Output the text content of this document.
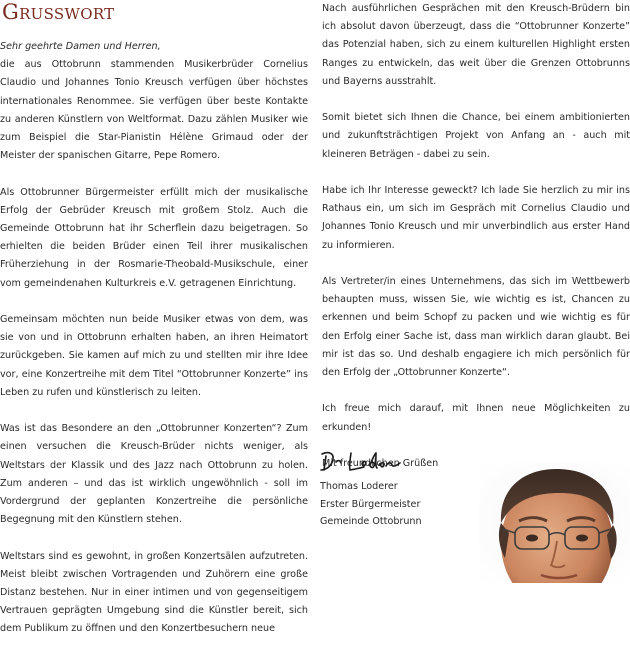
Grusswort

Sehr geehrte Damen und Herren,

die aus Ottobrunn stammenden Musikerbrüder Cornelius Claudio und Johannes Tonio Kreusch verfügen über höchstes internationales Renommee. Sie verfügen über beste Kontakte zu anderen Künstlern von Weltformat. Dazu zählen Musiker wie zum Beispiel die Star-Pianistin Hélène Grimaud oder der Meister der spanischen Gitarre, Pepe Romero.

Als Ottobrunner Bürgermeister erfüllt mich der musikalische Erfolg der Gebrüder Kreusch mit großem Stolz. Auch die Gemeinde Ottobrunn hat ihr Scherflein dazu beigetragen. So erhielten die beiden Brüder einen Teil ihrer musikalischen Früherziehung in der Rosmarie-Theobald-Musikschule, einer vom gemeindenahen Kulturkreis e.V. getragenen Einrichtung.

Gemeinsam möchten nun beide Musiker etwas von dem, was sie von und in Ottobrunn erhalten haben, an ihren Heimatort zurückgeben. Sie kamen auf mich zu und stellten mir ihre Idee vor, eine Konzertreihe mit dem Titel “Ottobrunner Konzerte” ins Leben zu rufen und künstlerisch zu leiten.

Was ist das Besondere an den „Ottobrunner Konzerten“? Zum einen versuchen die Kreusch-Brüder nichts weniger, als Weltstars der Klassik und des Jazz nach Ottobrunn zu holen. Zum anderen – und das ist wirklich ungewöhnlich - soll im Vordergrund der geplanten Konzertreihe die persönliche Begegnung mit den Künstlern stehen.

Weltstars sind es gewohnt, in großen Konzertsälen aufzutreten. Meist bleibt zwischen Vortragenden und Zuhörern eine große Distanz bestehen. Nur in einer intimen und von gegenseitigem Vertrauen geprägten Umgebung sind die Künstler bereit, sich dem Publikum zu öffnen und den Konzertbesuchern neue

Nach ausführlichen Gesprächen mit den Kreusch-Brüdern bin ich absolut davon überzeugt, dass die “Ottobrunner Konzerte” das Potenzial haben, sich zu einem kulturellen Highlight ersten Ranges zu entwickeln, das weit über die Grenzen Ottobrunns und Bayerns ausstrahlt.

Somit bietet sich Ihnen die Chance, bei einem ambitionierten und zukunftsträchtigen Projekt von Anfang an - auch mit kleineren Beträgen - dabei zu sein.

Habe ich Ihr Interesse geweckt? Ich lade Sie herzlich zu mir ins Rathaus ein, um sich im Gespräch mit Cornelius Claudio und Johannes Tonio Kreusch und mir unverbindlich aus erster Hand zu informieren.

Als Vertreter/in eines Unternehmens, das sich im Wettbewerb behaupten muss, wissen Sie, wie wichtig es ist, Chancen zu erkennen und beim Schopf zu packen und wie wichtig es für den Erfolg einer Sache ist, dass man wirklich daran glaubt. Bei mir ist das so. Und deshalb engagiere ich mich persönlich für den Erfolg der „Ottobrunner Konzerte“.

Ich freue mich darauf, mit Ihnen neue Möglichkeiten zu erkunden!

Mit freundlichen Grüßen

Thomas Loderer
Erster Bürgermeister
Gemeinde Ottobrunn
